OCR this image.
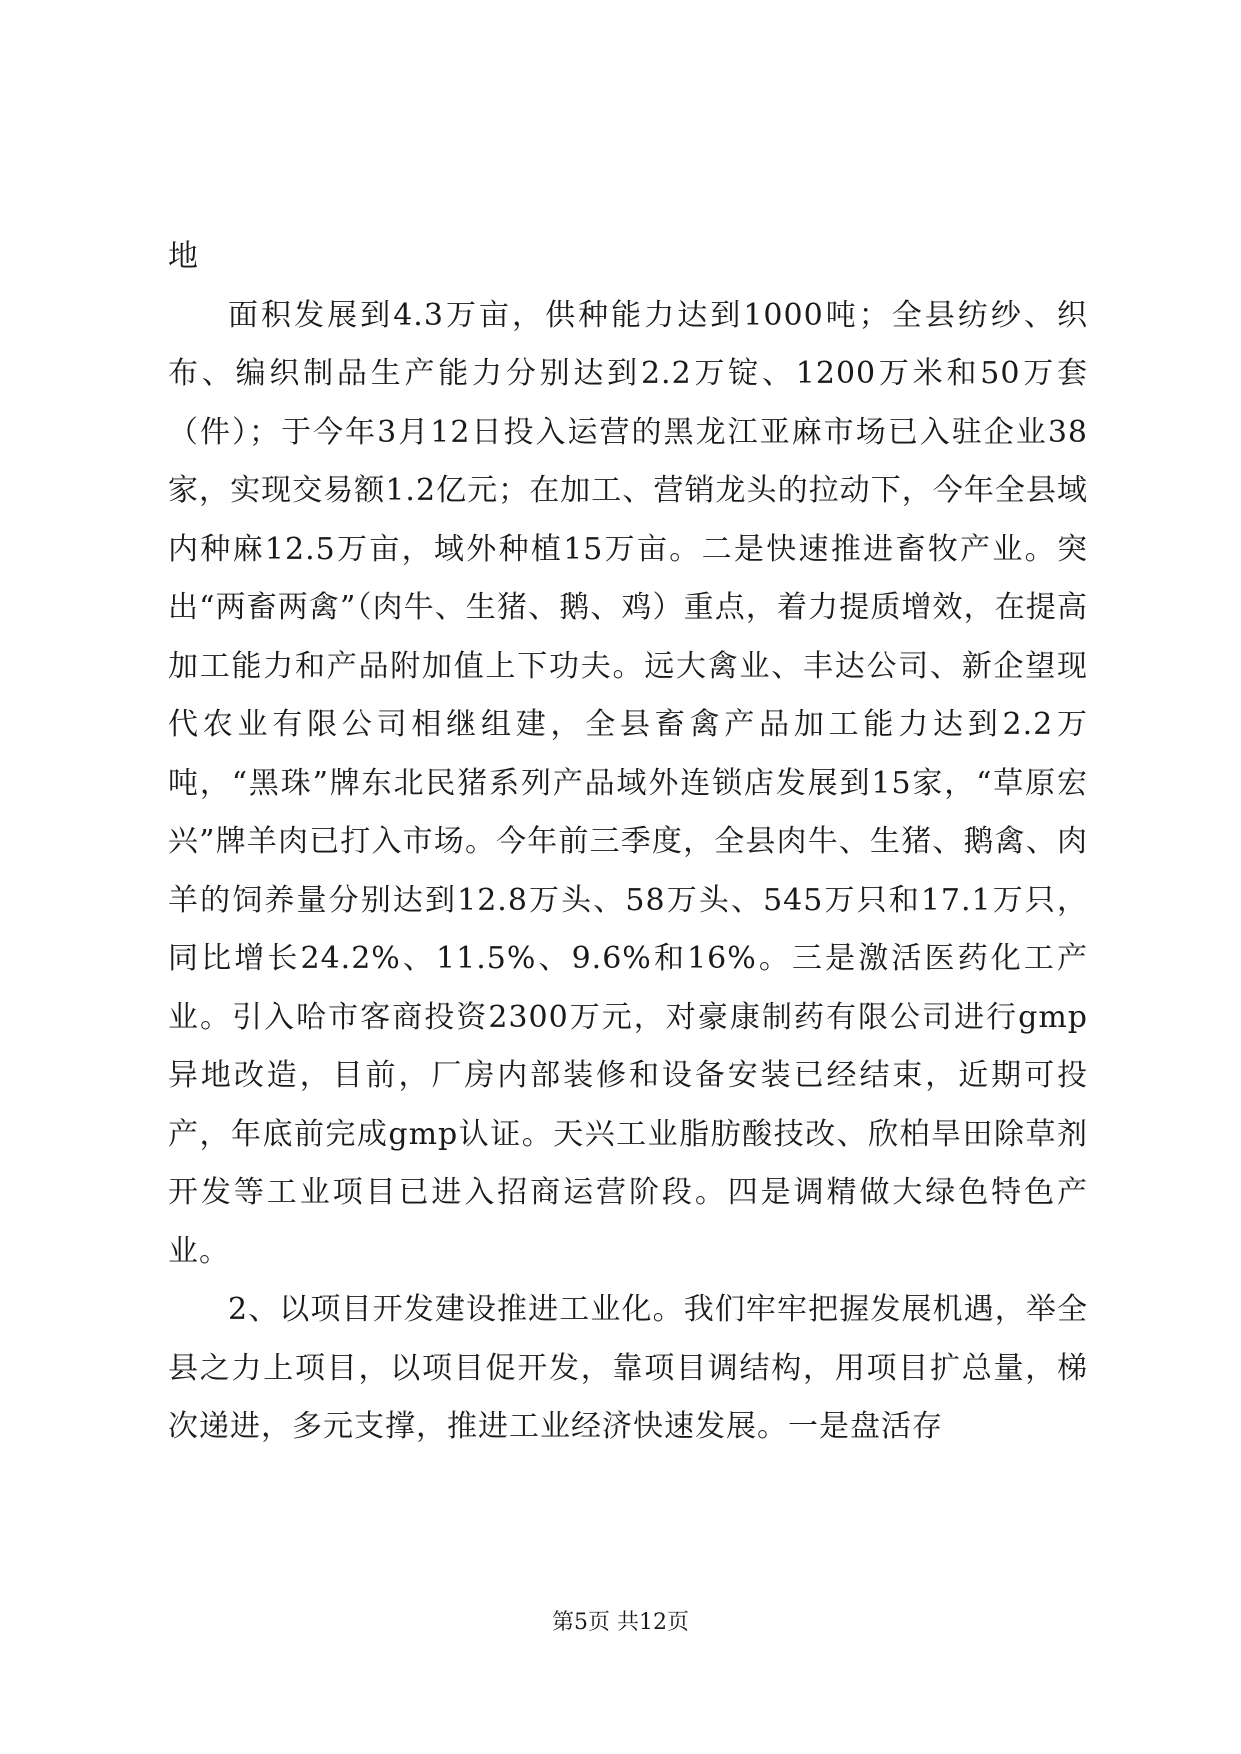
地

面积发展到4.3万亩，供种能力达到1000吨；全县纺纱、织布、编织制品生产能力分别达到2.2万锭、1200万米和50万套（件）；于今年3月12日投入运营的黑龙江亚麻市场已入驻企业38家，实现交易额1.2亿元；在加工、营销龙头的拉动下，今年全县域内种麻12.5万亩，域外种植15万亩。二是快速推进畜牧产业。突出“两畜两禽”（肉牛、生猪、鹅、鸡）重点，着力提质增效，在提高加工能力和产品附加值上下功夫。远大禽业、丰达公司、新企望现代农业有限公司相继组建，全县畜禽产品加工能力达到2.2万吨，“黑珠”牌东北民猪系列产品域外连锁店发展到15家，“草原宏兴”牌羊肉已打入市场。今年前三季度，全县肉牛、生猪、鹅禽、肉羊的饲养量分别达到12.8万头、58万头、545万只和17.1万只，同比增长24.2%、11.5%、9.6%和16%。三是激活医药化工产业。引入哈市客商投资2300万元，对豪康制药有限公司进行gmp异地改造，目前，厂房内部装修和设备安装已经结束，近期可投产，年底前完成gmp认证。天兴工业脂肪酸技改、欣柏旱田除草剂开发等工业项目已进入招商运营阶段。四是调精做大绿色特色产业。

2、以项目开发建设推进工业化。我们牢牢把握发展机遇，举全县之力上项目，以项目促开发，靠项目调结构，用项目扩总量，梯次递进，多元支撑，推进工业经济快速发展。一是盘活存

第5页 共12页
